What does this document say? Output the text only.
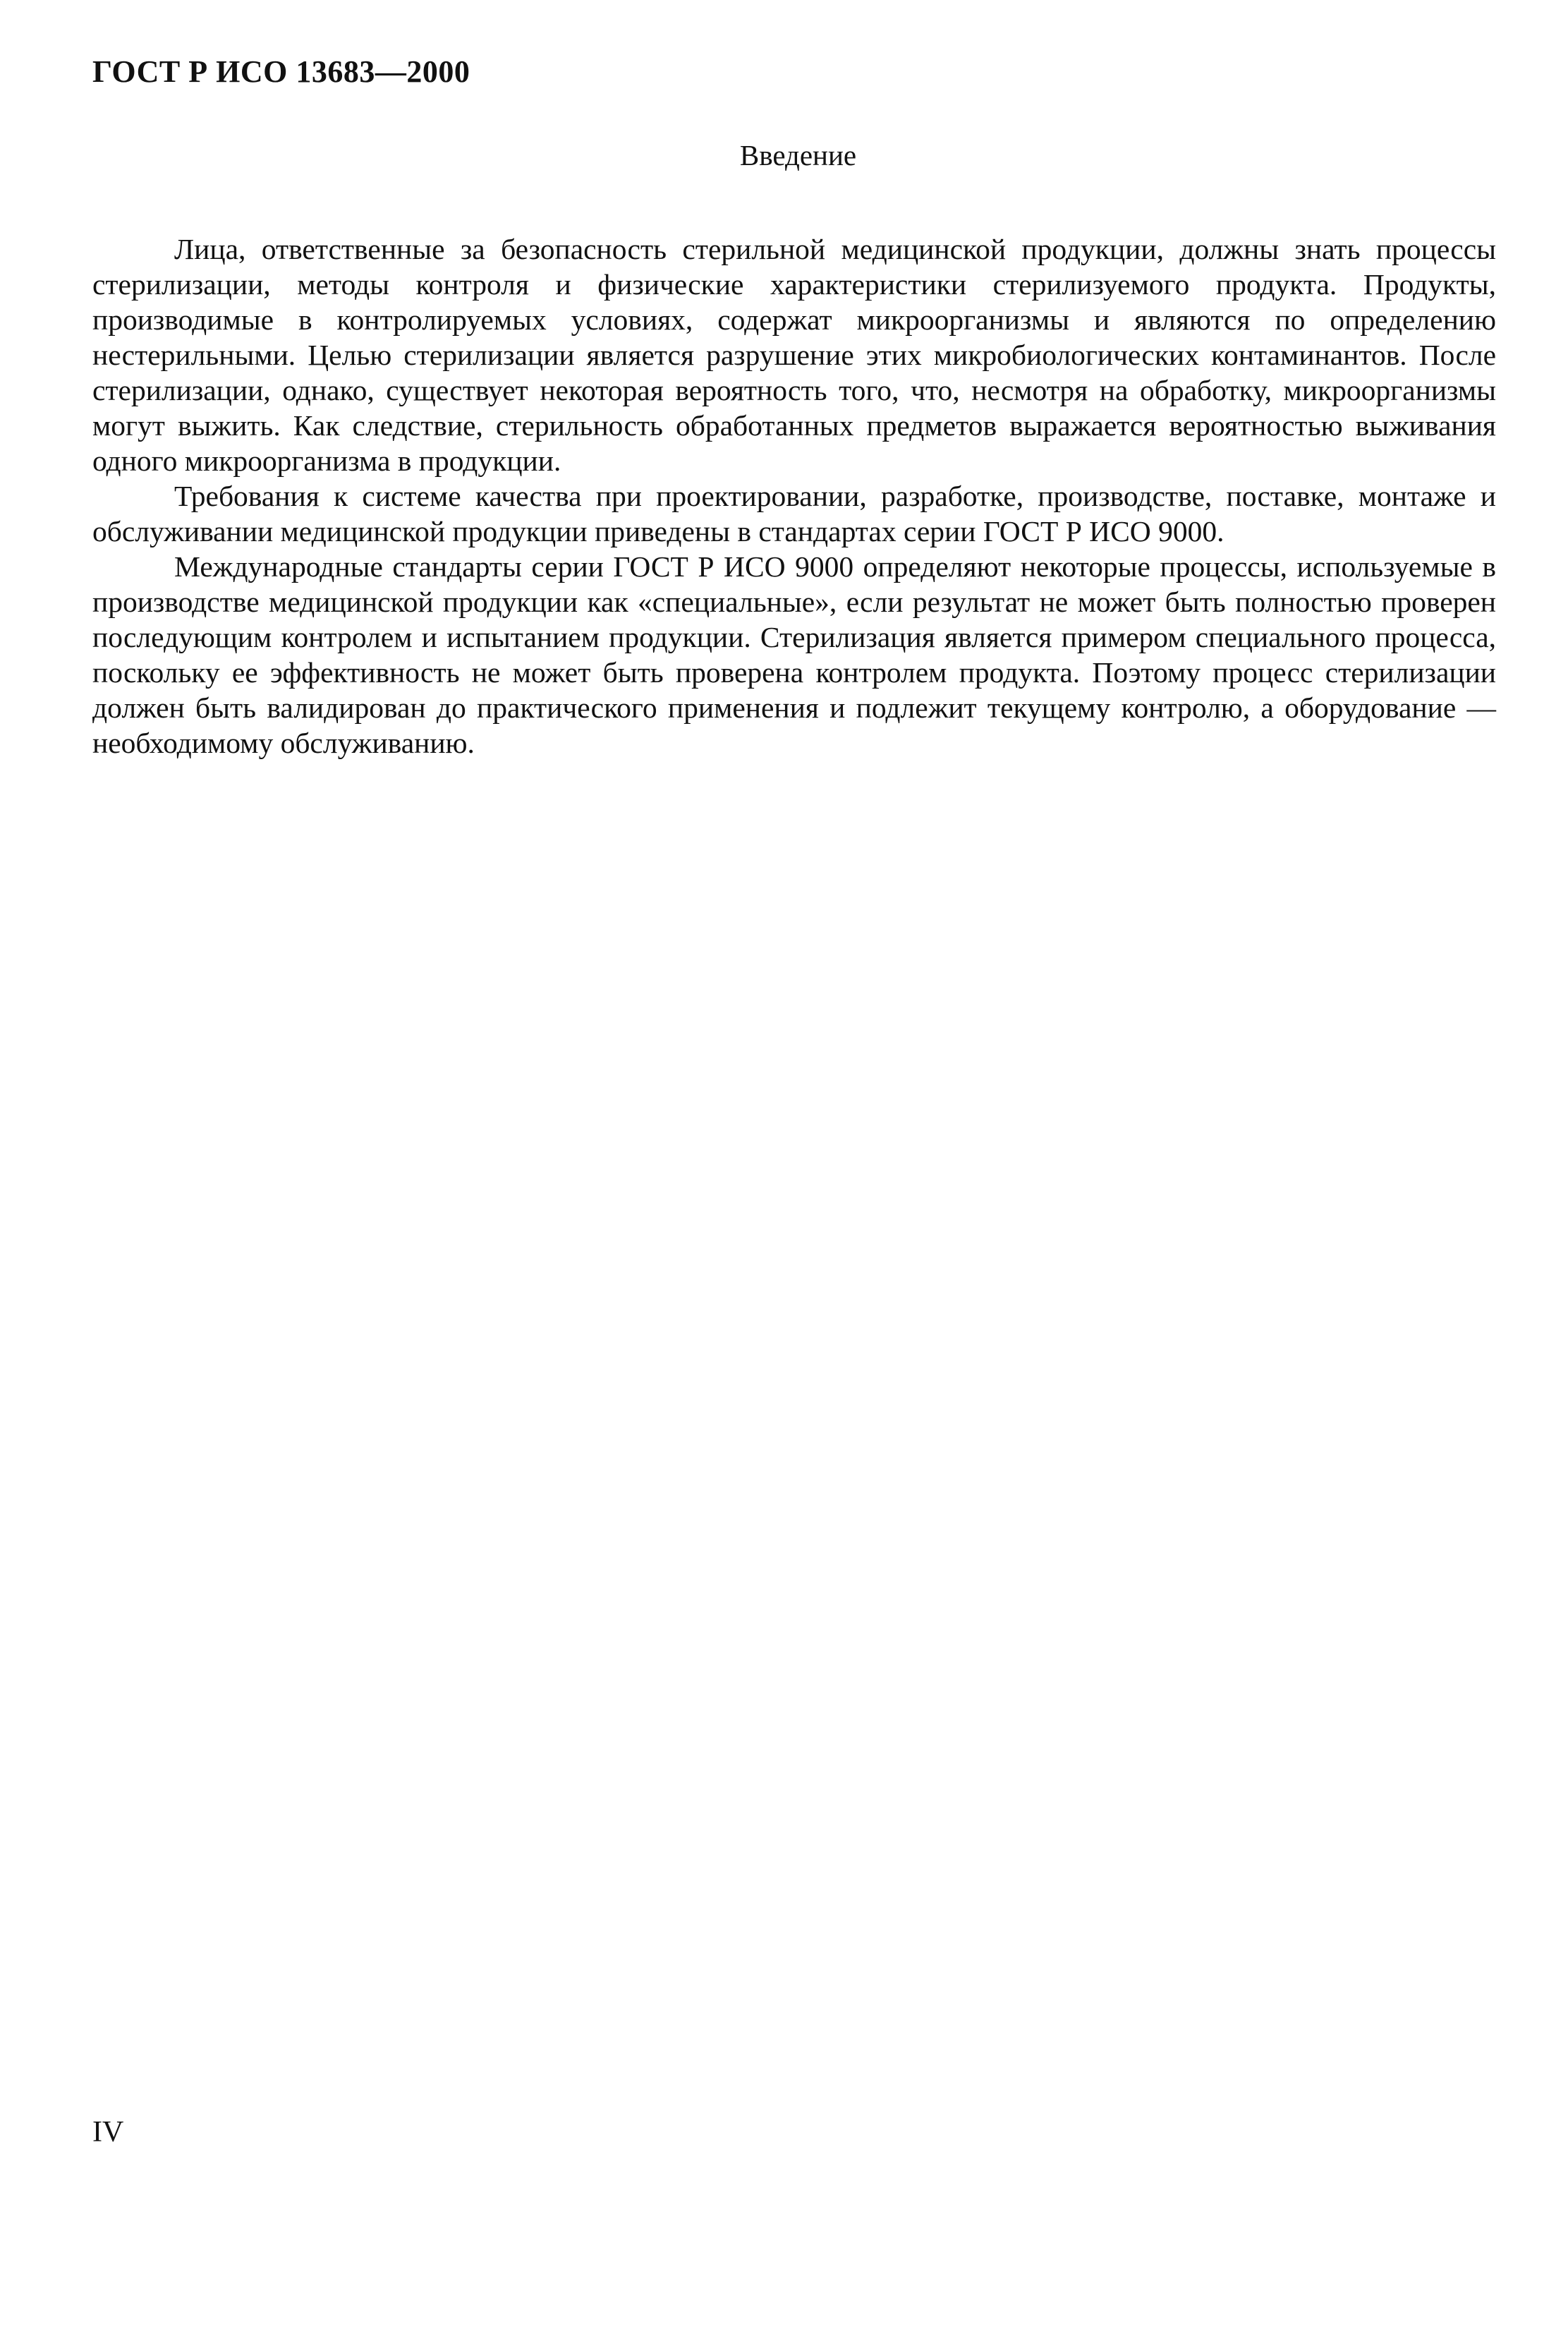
ГОСТ Р ИСО 13683—2000
Введение

Лица, ответственные за безопасность стерильной медицинской продукции, должны знать процессы стерилизации, методы контроля и физические характеристики стерилизуемого продукта. Продукты, производимые в контролируемых условиях, содержат микроорганизмы и являются по определению нестерильными. Целью стерилизации является разрушение этих микробиологических контаминантов. После стерилизации, однако, существует некоторая вероятность того, что, несмотря на обработку, микроорганизмы могут выжить. Как следствие, стерильность обработанных предметов выражается вероятностью выживания одного микроорганизма в продукции.

Требования к системе качества при проектировании, разработке, производстве, поставке, монтаже и обслуживании медицинской продукции приведены в стандартах серии ГОСТ Р ИСО 9000.

Международные стандарты серии ГОСТ Р ИСО 9000 определяют некоторые процессы, используемые в производстве медицинской продукции как «специальные», если результат не может быть полностью проверен последующим контролем и испытанием продукции. Стерилизация является примером специального процесса, поскольку ее эффективность не может быть проверена контролем продукта. Поэтому процесс стерилизации должен быть валидирован до практического применения и подлежит текущему контролю, а оборудование — необходимому обслуживанию.

IV
